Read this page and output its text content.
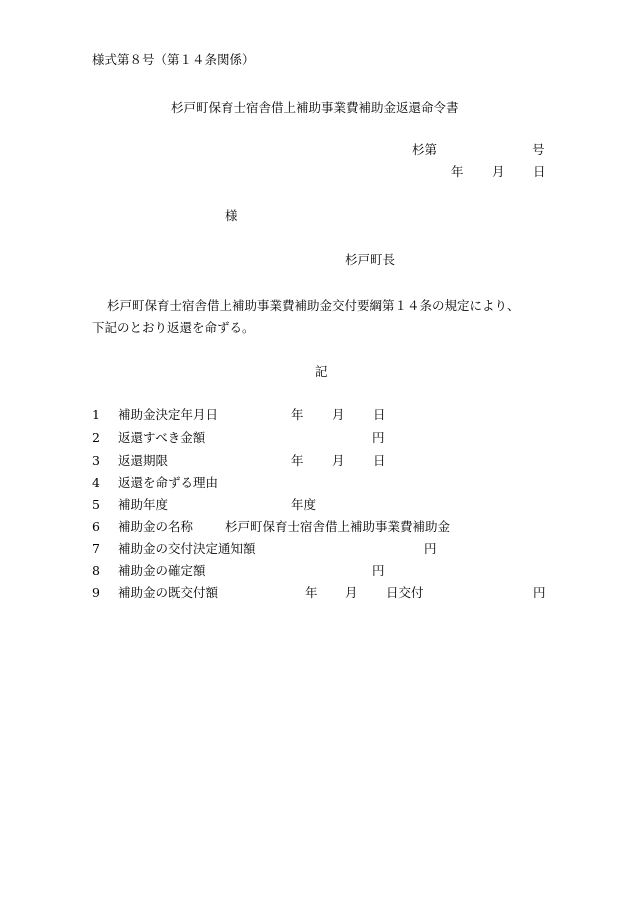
様式第８号（第１４条関係）
杉戸町保育士宿舎借上補助事業費補助金返還命令書
杉第	号
年 月 日
様
杉戸町長
杉戸町保育士宿舎借上補助事業費補助金交付要綱第１４条の規定により、
下記のとおり返還を命ずる。
記
1 補助金決定年月日	年 月 日
2 返還すべき金額	円
3 返還期限	年 月 日
4 返還を命ずる理由
5 補助年度	年度
6 補助金の名称	杉戸町保育士宿舎借上補助事業費補助金
7 補助金の交付決定通知額	円
8 補助金の確定額	円
9 補助金の既交付額	年 月 日交付	円
